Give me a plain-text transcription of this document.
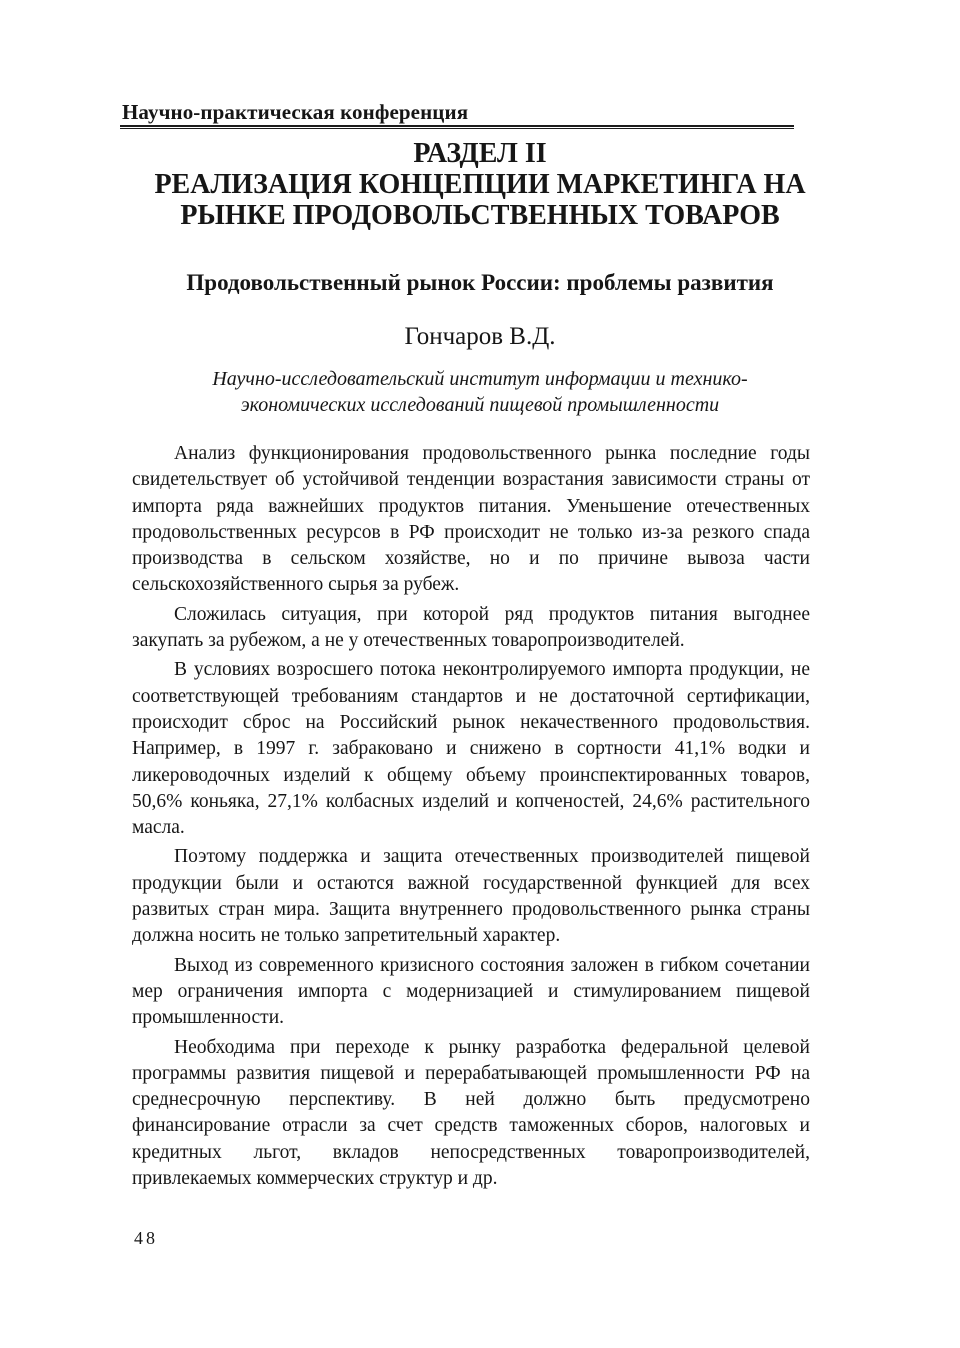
Научно-практическая конференция
РАЗДЕЛ II
РЕАЛИЗАЦИЯ КОНЦЕПЦИИ МАРКЕТИНГА НА
РЫНКЕ ПРОДОВОЛЬСТВЕННЫХ ТОВАРОВ
Продовольственный рынок России: проблемы развития
Гончаров В.Д.
Научно-исследовательский институт информации и технико-
экономических исследований пищевой промышленности

Анализ функционирования продовольственного рынка последние годы свидетельствует об устойчивой тенденции возрастания зависимости страны от импорта ряда важнейших продуктов питания. Уменьшение отечественных продовольственных ресурсов в РФ происходит не только из-за резкого спада производства в сельском хозяйстве, но и по причине вывоза части сельскохозяйственного сырья за рубеж.

Сложилась ситуация, при которой ряд продуктов питания выгоднее закупать за рубежом, а не у отечественных товаропроизводителей.

В условиях возросшего потока неконтролируемого импорта продукции, не соответствующей требованиям стандартов и не достаточной сертификации, происходит сброс на Российский рынок некачественного продовольствия. Например, в 1997 г. забраковано и снижено в сортности 41,1% водки и ликероводочных изделий к общему объему проинспектированных товаров, 50,6% коньяка, 27,1% колбасных изделий и копченостей, 24,6% растительного масла.

Поэтому поддержка и защита отечественных производителей пищевой продукции были и остаются важной государственной функцией для всех развитых стран мира. Защита внутреннего продовольственного рынка страны должна носить не только запретительный характер.

Выход из современного кризисного состояния заложен в гибком сочетании мер ограничения импорта с модернизацией и стимулированием пищевой промышленности.

Необходима при переходе к рынку разработка федеральной целевой программы развития пищевой и перерабатывающей промышленности РФ на среднесрочную перспективу. В ней должно быть предусмотрено финансирование отрасли за счет средств таможенных сборов, налоговых и кредитных льгот, вкладов непосредственных товаропроизводителей, привлекаемых коммерческих структур и др.

48
